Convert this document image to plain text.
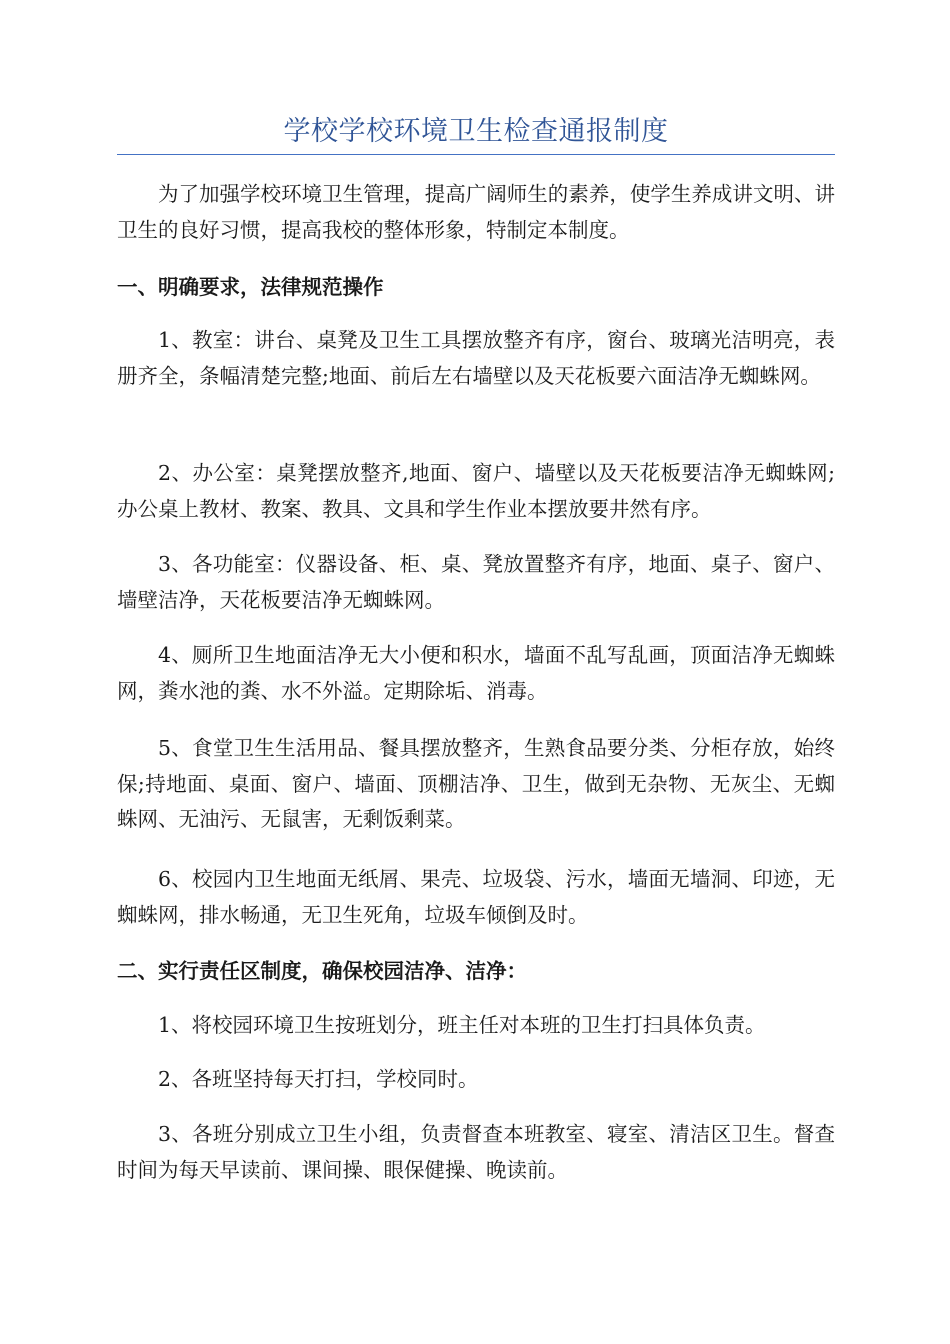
学校学校环境卫生检查通报制度

为了加强学校环境卫生管理，提高广阔师生的素养，使学生养成讲文明、讲卫生的良好习惯，提高我校的整体形象，特制定本制度。

一、明确要求，法律规范操作

1、教室：讲台、桌凳及卫生工具摆放整齐有序，窗台、玻璃光洁明亮，表册齐全，条幅清楚完整;地面、前后左右墙壁以及天花板要六面洁净无蜘蛛网。

2、办公室：桌凳摆放整齐,地面、窗户、墙壁以及天花板要洁净无蜘蛛网;办公桌上教材、教案、教具、文具和学生作业本摆放要井然有序。

3、各功能室：仪器设备、柜、桌、凳放置整齐有序，地面、桌子、窗户、墙壁洁净，天花板要洁净无蜘蛛网。

4、厕所卫生地面洁净无大小便和积水，墙面不乱写乱画，顶面洁净无蜘蛛网，粪水池的粪、水不外溢。定期除垢、消毒。

5、食堂卫生生活用品、餐具摆放整齐，生熟食品要分类、分柜存放，始终保;持地面、桌面、窗户、墙面、顶棚洁净、卫生，做到无杂物、无灰尘、无蜘蛛网、无油污、无鼠害，无剩饭剩菜。

6、校园内卫生地面无纸屑、果壳、垃圾袋、污水，墙面无墙洞、印迹，无蜘蛛网，排水畅通，无卫生死角，垃圾车倾倒及时。

二、实行责任区制度，确保校园洁净、洁净：

1、将校园环境卫生按班划分，班主任对本班的卫生打扫具体负责。

2、各班坚持每天打扫，学校同时。

3、各班分别成立卫生小组，负责督查本班教室、寝室、清洁区卫生。督查时间为每天早读前、课间操、眼保健操、晚读前。
